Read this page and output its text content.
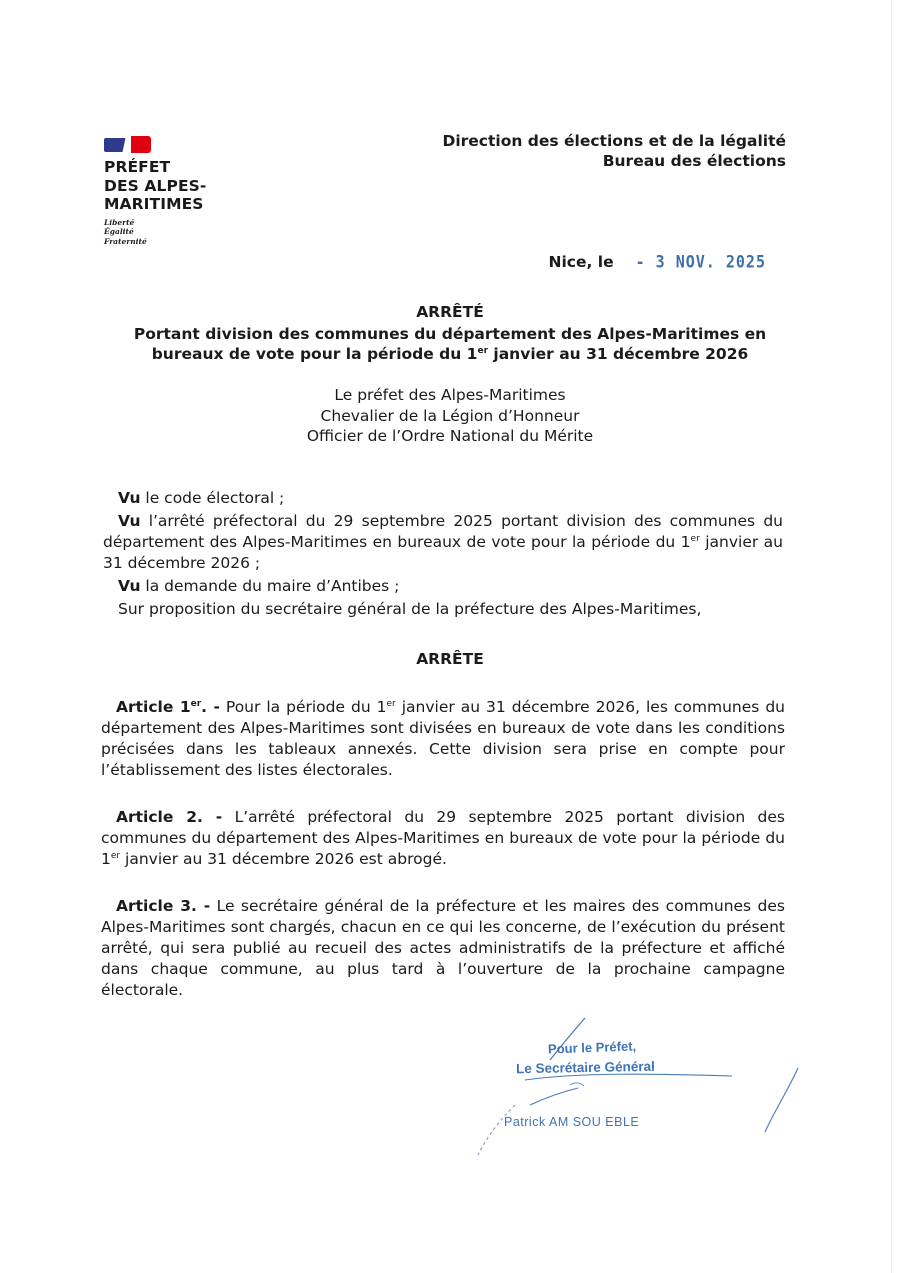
PRÉFET
DES ALPES-
MARITIMES
Liberté
Égalité
Fraternité
Direction des élections et de la légalité
Bureau des élections
Nice, le - 3 NOV. 2025
ARRÊTÉ
Portant division des communes du département des Alpes-Maritimes en bureaux de vote pour la période du 1er janvier au 31 décembre 2026
Le préfet des Alpes-Maritimes
Chevalier de la Légion d’Honneur
Officier de l’Ordre National du Mérite

Vu le code électoral ;

Vu l’arrêté préfectoral du 29 septembre 2025 portant division des communes du département des Alpes-Maritimes en bureaux de vote pour la période du 1er janvier au 31 décembre 2026 ;

Vu la demande du maire d’Antibes ;

Sur proposition du secrétaire général de la préfecture des Alpes-Maritimes,

ARRÊTE
Article 1er. - Pour la période du 1er janvier au 31 décembre 2026, les communes du département des Alpes-Maritimes sont divisées en bureaux de vote dans les conditions précisées dans les tableaux annexés. Cette division sera prise en compte pour l’établissement des listes électorales.
Article 2. - L’arrêté préfectoral du 29 septembre 2025 portant division des communes du département des Alpes-Maritimes en bureaux de vote pour la période du 1er janvier au 31 décembre 2026 est abrogé.
Article 3. - Le secrétaire général de la préfecture et les maires des communes des Alpes-Maritimes sont chargés, chacun en ce qui les concerne, de l’exécution du présent arrêté, qui sera publié au recueil des actes administratifs de la préfecture et affiché dans chaque commune, au plus tard à l’ouverture de la prochaine campagne électorale.
Pour le Préfet,
Le Secrétaire Général
Patrick AM SOU EBLE
